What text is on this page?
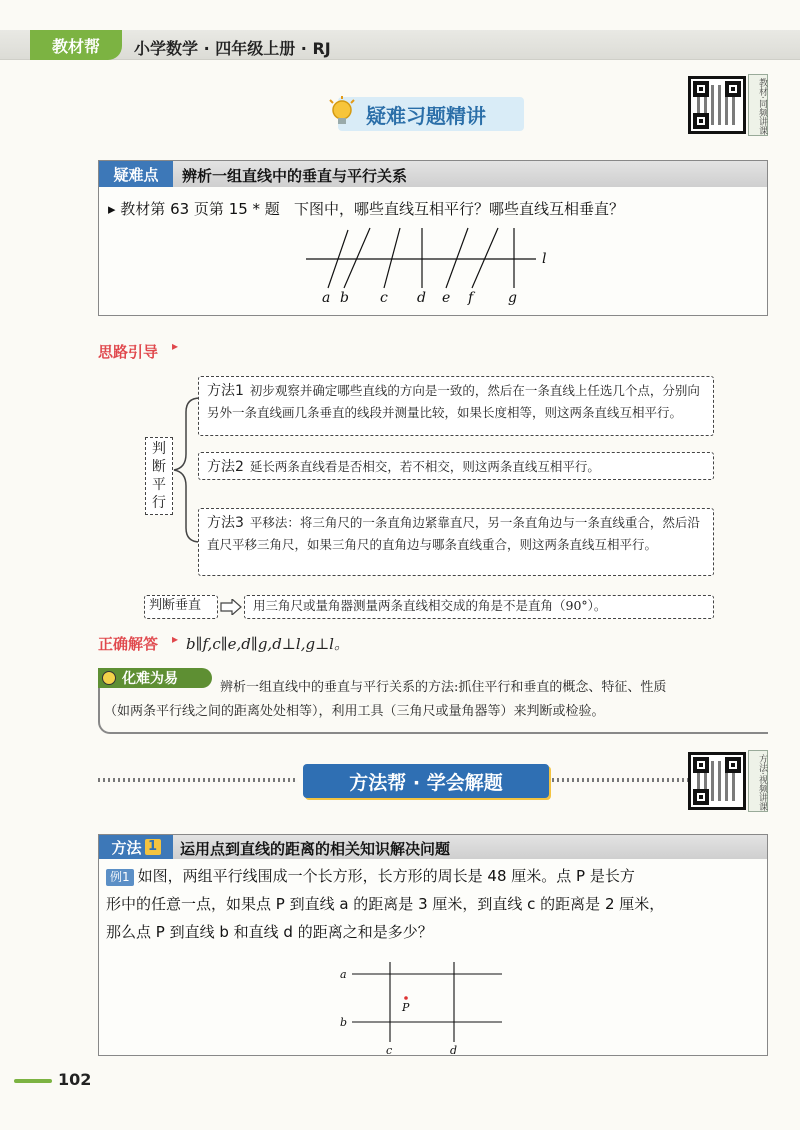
教材帮	小学数学 · 四年级上册 · RJ
教材·同频讲课
疑难习题精讲
疑难点	辨析一组直线中的垂直与平行关系
▸ 教材第 63 页第 15 * 题 下图中，哪些直线互相平行？哪些直线互相垂直？
a b c d e f g
l
思路引导 ▸
判断平行
方法1 初步观察并确定哪些直线的方向是一致的，然后在一条直线上任选几个点，分别向另外一条直线画几条垂直的线段并测量比较，如果长度相等，则这两条直线互相平行。
方法2 延长两条直线看是否相交，若不相交，则这两条直线互相平行。
方法3 平移法：将三角尺的一条直角边紧靠直尺，另一条直角边与一条直线重合，然后沿直尺平移三角尺，如果三角尺的直角边与哪条直线重合，则这两条直线互相平行。
判断垂直	用三角尺或量角器测量两条直线相交成的角是不是直角（90°）。
正确解答 ▸ b∥f,c∥e,d∥g,d⊥l,g⊥l。
化难为易
辨析一组直线中的垂直与平行关系的方法:抓住平行和垂直的概念、特征、性质
（如两条平行线之间的距离处处相等），利用工具（三角尺或量角器等）来判断或检验。
方法帮 · 学会解题	方法·视频讲课
方法 1 运用点到直线的距离的相关知识解决问题
例1 如图，两组平行线围成一个长方形，长方形的周长是 48 厘米。点 P 是长方
形中的任意一点，如果点 P 到直线 a 的距离是 3 厘米，到直线 c 的距离是 2 厘米，
那么点 P 到直线 b 和直线 d 的距离之和是多少？
a
b
c	d
P
102
